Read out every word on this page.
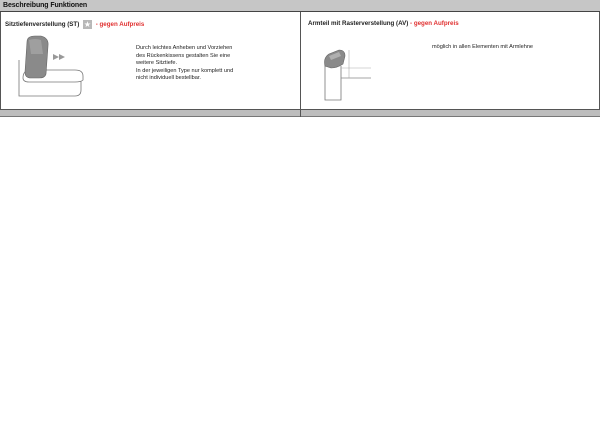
Beschreibung Funktionen
Sitztiefenverstellung (ST) ★ - gegen Aufpreis
Durch leichtes Anheben und Vorziehen
des Rückenkissens gestalten Sie eine
weitere Sitztiefe.
In der jeweiligen Type nur komplett und
nicht individuell bestellbar.
Armteil mit Rasterverstellung (AV) - gegen Aufpreis
möglich in allen Elementen mit Armlehne
